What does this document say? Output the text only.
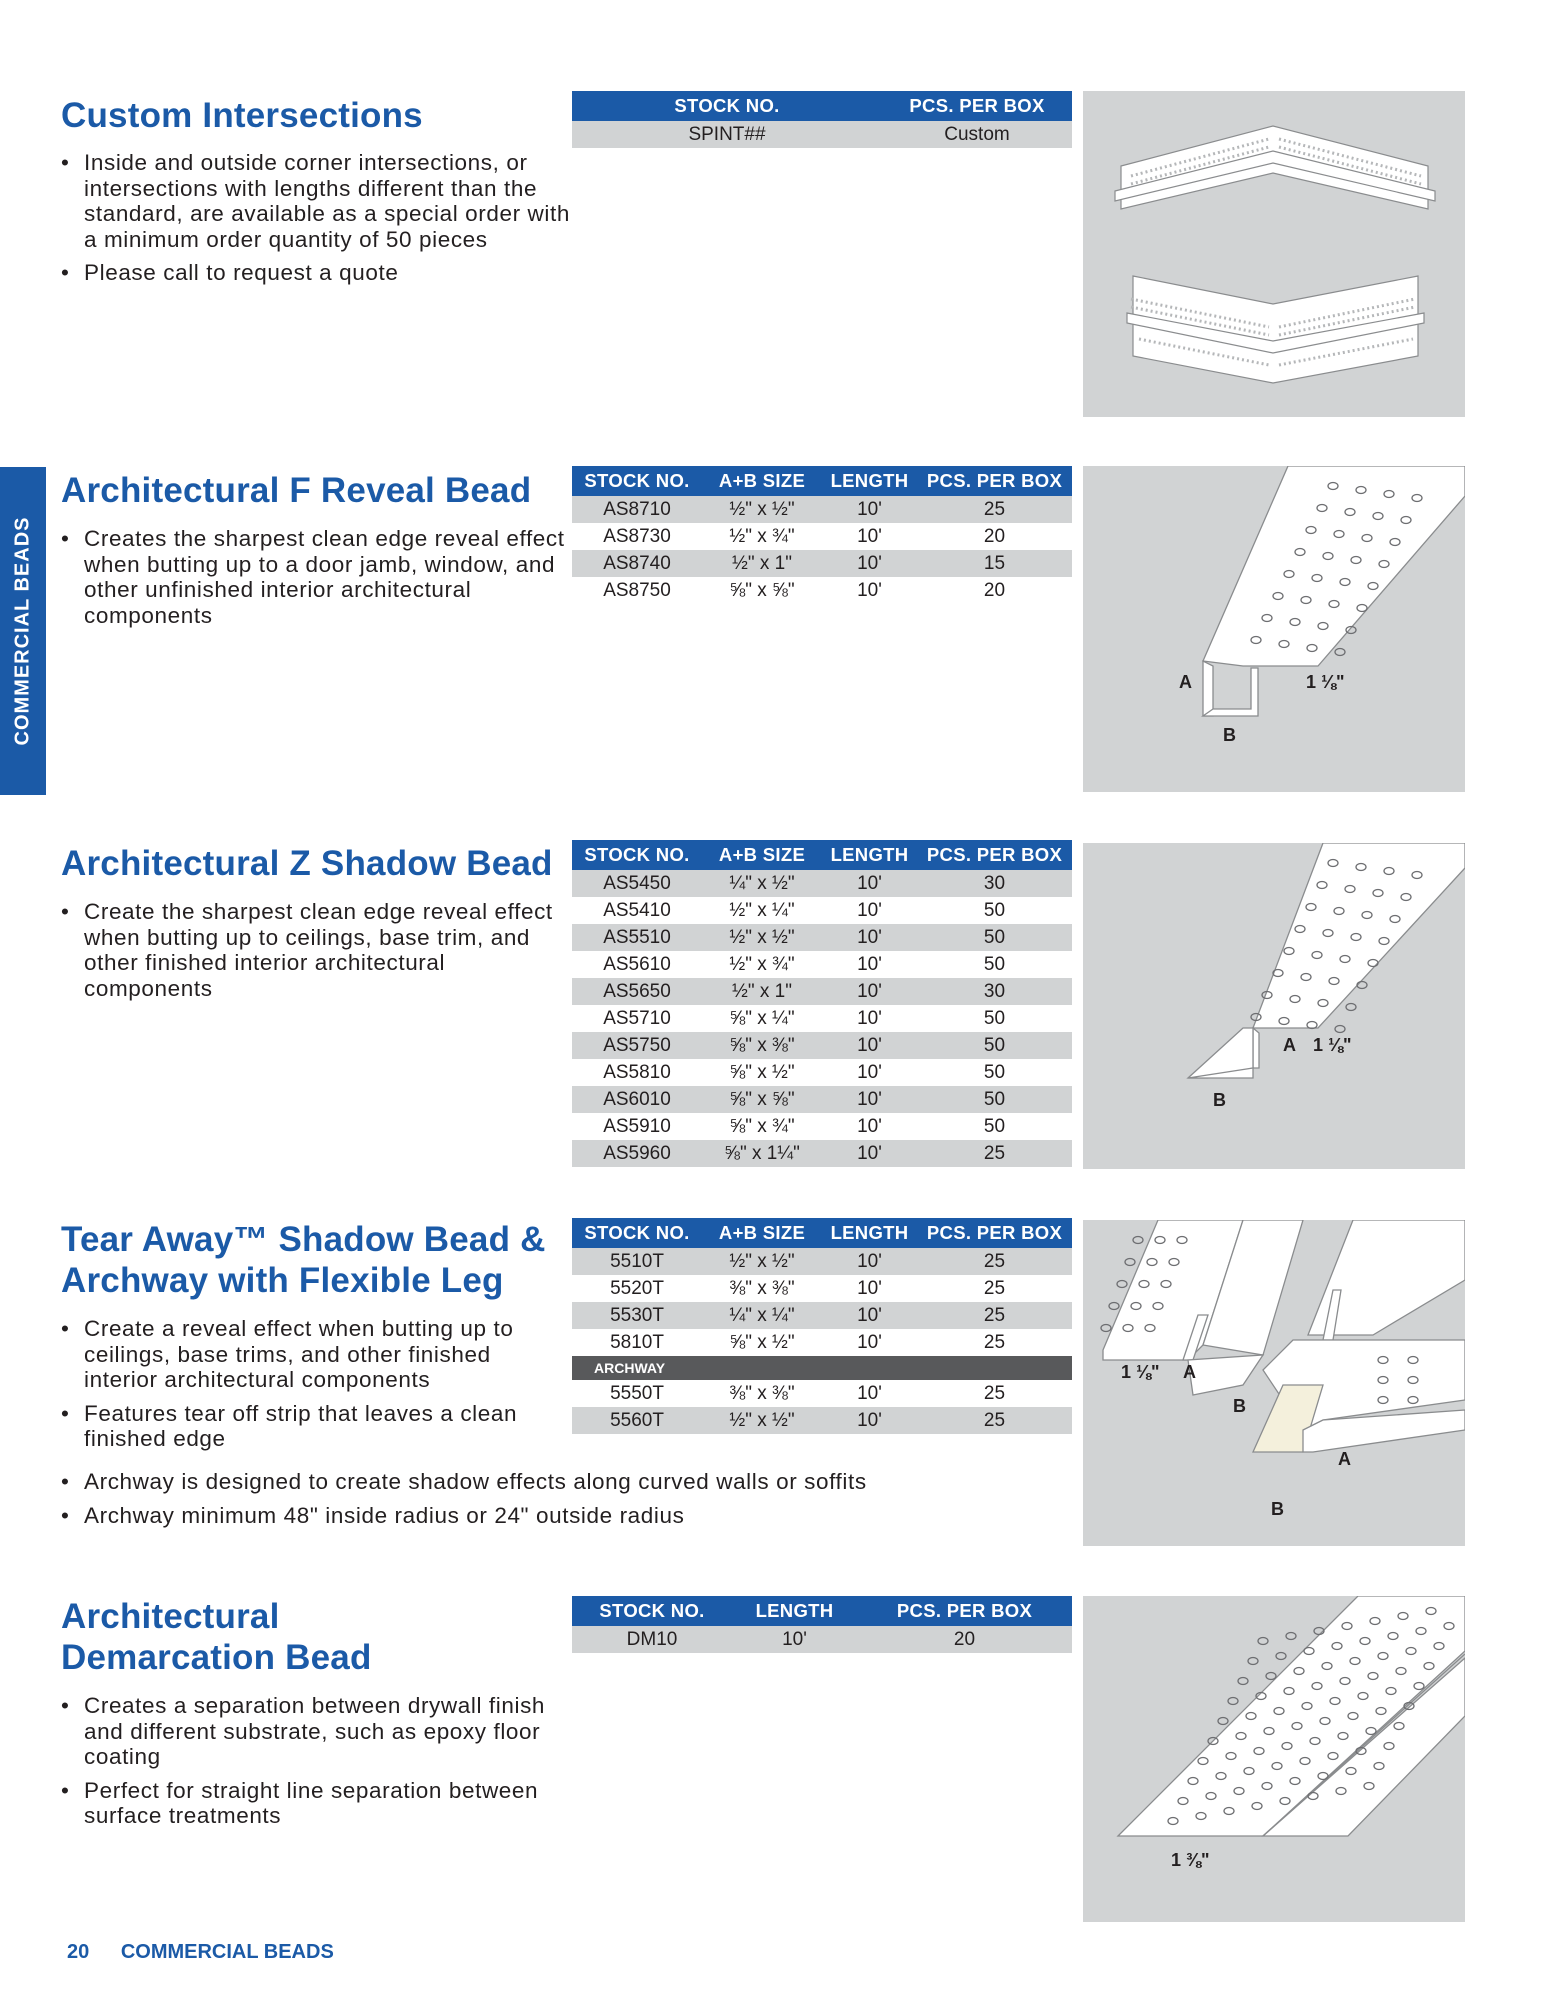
COMMERCIAL BEADS
Custom Intersections
• Inside and outside corner intersections, or intersections with lengths different than the standard, are available as a special order with a minimum order quantity of 50 pieces
• Please call to request a quote
STOCK NO.	PCS. PER BOX
SPINT##	Custom
Architectural F Reveal Bead
• Creates the sharpest clean edge reveal effect when butting up to a door jamb, window, and other unfinished interior architectural components
STOCK NO.	A+B SIZE	LENGTH	PCS. PER BOX
AS8710	½" x ½"	10'	25
AS8730	½" x ¾"	10'	20
AS8740	½" x 1"	10'	15
AS8750	⅝" x ⅝"	10'	20
A
B
1 ⅛"
Architectural Z Shadow Bead
• Create the sharpest clean edge reveal effect when butting up to ceilings, base trim, and other finished interior architectural components
STOCK NO.	A+B SIZE	LENGTH	PCS. PER BOX
AS5450	¼" x ½"	10'	30
AS5410	½" x ¼"	10'	50
AS5510	½" x ½"	10'	50
AS5610	½" x ¾"	10'	50
AS5650	½" x 1"	10'	30
AS5710	⅝" x ¼"	10'	50
AS5750	⅝" x ⅜"	10'	50
AS5810	⅝" x ½"	10'	50
AS6010	⅝" x ⅝"	10'	50
AS5910	⅝" x ¾"	10'	50
AS5960	⅝" x 1¼"	10'	25
A 1 ⅛"
B
Tear Away™ Shadow Bead &
Archway with Flexible Leg
• Create a reveal effect when butting up to ceilings, base trims, and other finished interior architectural components
• Features tear off strip that leaves a clean finished edge
• Archway is designed to create shadow effects along curved walls or soffits
• Archway minimum 48" inside radius or 24" outside radius
STOCK NO.	A+B SIZE	LENGTH	PCS. PER BOX
5510T	½" x ½"	10'	25
5520T	⅜" x ⅜"	10'	25
5530T	¼" x ¼"	10'	25
5810T	⅝" x ½"	10'	25
ARCHWAY			
5550T	⅜" x ⅜"	10'	25
5560T	½" x ½"	10'	25
1 ⅛" A
B
A
B
Architectural
Demarcation Bead
• Creates a separation between drywall finish and different substrate, such as epoxy floor coating
• Perfect for straight line separation between surface treatments
STOCK NO.	LENGTH	PCS. PER BOX
DM10	10'	20
1 ⅜"
20 COMMERCIAL BEADS
